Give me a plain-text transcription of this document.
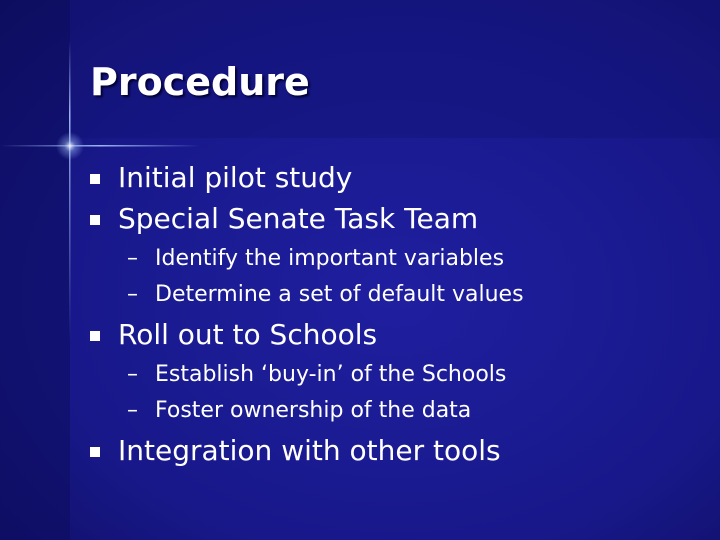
Procedure
Initial pilot study
Special Senate Task Team
– Identify the important variables
– Determine a set of default values
Roll out to Schools
– Establish ‘buy-in’ of the Schools
– Foster ownership of the data
Integration with other tools
